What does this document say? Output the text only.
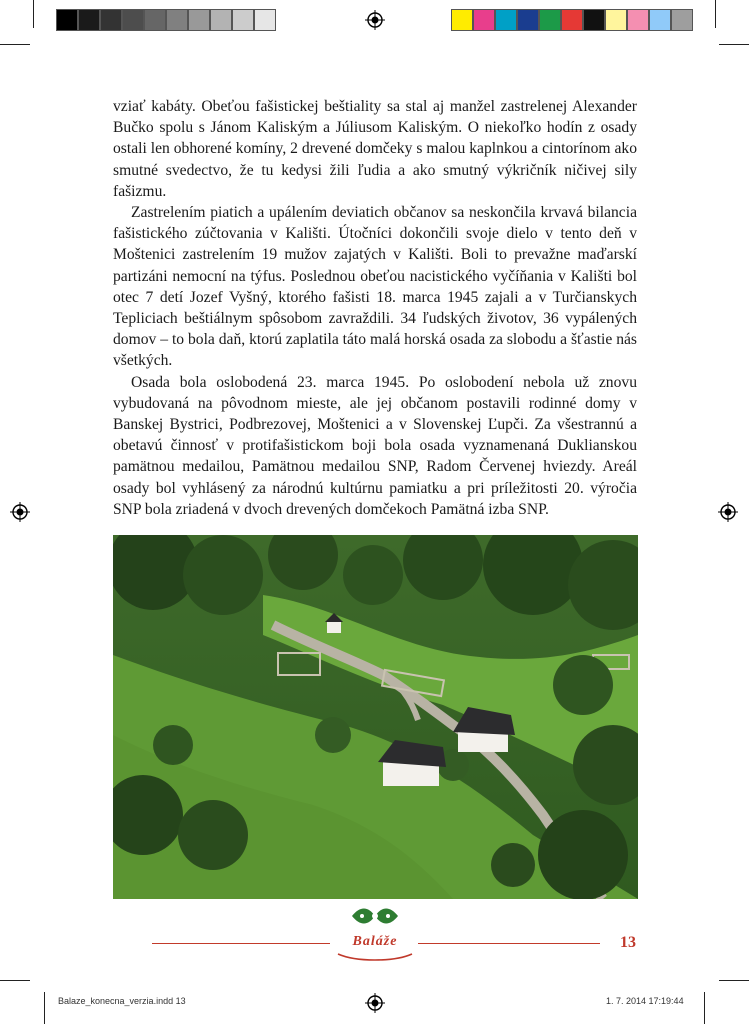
vziať kabáty. Obeťou fašistickej beštiality sa stal aj manžel zastrelenej Alexander Bučko spolu s Jánom Kaliským a Júliusom Kaliským. O niekoľko hodín z osady ostali len obhorené komíny, 2 drevené domčeky s malou kaplnkou a cintorínom ako smutné svedectvo, že tu kedysi žili ľudia a ako smutný výkričník ničivej sily fašizmu.

Zastrelením piatich a upálením deviatich občanov sa neskončila krvavá bilancia fašistického zúčtovania v Kališti. Útočníci dokončili svoje dielo v tento deň v Moštenici zastrelením 19 mužov zajatých v Kališti. Boli to prevažne maďarskí partizáni nemocní na týfus. Poslednou obeťou nacistického vyčíňania v Kališti bol otec 7 detí Jozef Vyšný, ktorého fašisti 18. marca 1945 zajali a v Turčianskych Tepliciach beštiálnym spôsobom zavraždili. 34 ľudských životov, 36 vypálených domov – to bola daň, ktorú zaplatila táto malá horská osada za slobodu a šťastie nás všetkých.

Osada bola oslobodená 23. marca 1945. Po oslobodení nebola už znovu vybudovaná na pôvodnom mieste, ale jej občanom postavili rodinné domy v Banskej Bystrici, Podbrezovej, Moštenici a v Slovenskej Ľupči. Za všestrannú a obetavú činnosť v protifašistickom boji bola osada vyznamenaná Duklianskou pamätnou medailou, Pamätnou medailou SNP, Radom Červenej hviezdy. Areál osady bol vyhlásený za národnú kultúrnu pamiatku a pri príležitosti 20. výročia SNP bola zriadená v dvoch drevených domčekoch Pamätná izba SNP.

Baláže	13
Balaze_konecna_verzia.indd 13	1. 7. 2014 17:19:44
